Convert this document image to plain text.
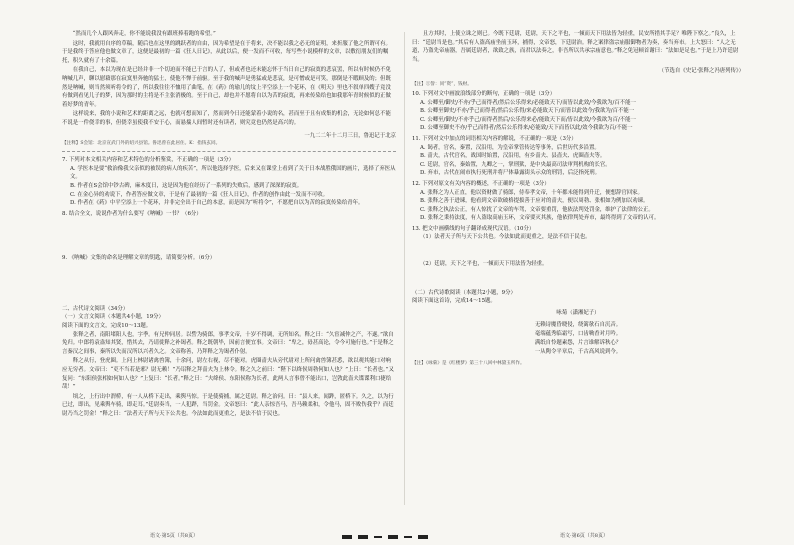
“然而几个人跟风奔走，你不能说我没有跟班捧着跑的希望。”

这时，我就用自序的草稿，随后也在这里的跳跃者的自由，因为希望是在于将来，决不能以我之必无的证明，来折服了他之所谓可有。于是我终于答应他也做文章了，这便是最初的一篇《狂人日记》，从此以后，便一发而不可收，每写些小说模样的文章，以敷衍朋友们的嘱托，积久就有了十余篇。

在我自己，本以为现在是已经并非一个切迫而不能已于言的人了，但或者也还未能忘怀于当日自己的寂寞的悲哀罢，所以有时候仍不免呐喊几声，聊以慰藉那在寂寞里奔驰的猛士，使他不惮于前驱。至于我的喊声是勇猛或是悲哀，是可憎或是可笑，那倒是不暇顾及的；但既然是呐喊，则当然须听将令的了，所以我往往不恤用了曲笔，在《药》的瑜儿的坟上平空添上一个花环，在《明天》里也不叙单四嫂子竟没有做到看见儿子的梦，因为那时的主将是不主张消极的。至于自己，却也并不愿将自以为苦的寂寞，再来传染给也如我那年青时候似的正做着好梦的青年。

这样说来，我的小说和艺术的距离之远，也就可想而知了，然而到今日还能蒙着小说的名，甚而至于且有成集的机会，无论如何总不能不说是一件侥幸的事，但侥幸虽使我不安于心，而悬揣人间暂时还有读者，则究竟也仍然是高兴的。

一九二二年十二月三日，鲁迅记于北京

【注释】S会馆：北京宣武门外的绍兴县馆。鲁迅曾在此居住。K：指钱玄同。

7. 下列对本文相关内容和艺术特色的分析鉴赏，不正确的一项是（3分）

A. 学医本是要“救治像我父亲似的被误的病人的疾苦”，所以他选择学医，后来又在课堂上看到了关于日本战胜俄国的画片，选择了弃医从文。

B. 作者在S会馆中钞古碑，麻木度日，这是因为他在经历了一系列的失败后，感到了深深的寂寞。

C. 在金心异的劝说下，作者答应做文章，于是有了最初的一篇《狂人日记》，作者的创作由此一发而不可收。

D. 作者在《药》中平空添上一个花环，并非完全出于自己的本意，而是因为“听将令”，不愿把自以为苦的寂寞传染给青年。

8. 结合全文，说说作者为什么要写《呐喊》一书？（6分）

9. 《呐喊》文集的命名是理解文章的钥匙，请简要分析。（6分）

二、古代诗文阅读（34分）

（一）文言文阅读（本题共4小题，19分）

阅读下面的文言文，完成10～13题。

张释之者，南阳堵阳人也，字季。有兄仲同居。以訾为骑郎，事孝文帝，十岁不得调，无所知名。释之曰：“久宦减仲之产，不遂。”欲自免归。中郎将袁盎知其贤，惜其去，乃请徙释之补谒者。释之既朝毕，因前言便宜事。文帝曰：“卑之，毋甚高论，令今可施行也。”于是释之言秦汉之间事，秦所以失而汉所以兴者久之。文帝称善，乃拜释之为谒者仆射。

释之从行，登虎圈。上问上林尉诸禽兽簿，十余问，尉左右视，尽不能对。虎圈啬夫从旁代尉对上所问禽兽簿甚悉，欲以观其能口对响应无穷者。文帝曰：“吏不当若是邪？尉无赖！”乃诏释之拜啬夫为上林令。释之久之前曰：“陛下以绛侯周勃何如人也？”上曰：“长者也。”又复问：“东阳侯张相如何如人也？”上复曰：“长者。”释之曰：“夫绛侯、东阳侯称为长者，此两人言事曾不能出口，岂敩此啬夫谍谍利口捷给哉！”

顷之，上行出中渭桥，有一人从桥下走出，乘舆马惊。于是使骑捕，属之廷尉。释之治问。曰：“县人来，闻跸，匿桥下。久之，以为行已过，即出，见乘舆车骑，即走耳。”廷尉奏当，一人犯跸，当罚金。文帝怒曰：“此人亲惊吾马，吾马赖柔和，令他马，固不败伤我乎？而廷尉乃当之罚金！”释之曰：“法者天子所与天下公共也。今法如此而更重之，是法不信于民也。

且方其时，上使立诛之则已。今既下廷尉，廷尉，天下之平也，一倾而天下用法皆为轻重，民安所措其手足？唯陛下察之。”良久，上曰：“廷尉当是也。”其后有人盗高庙坐前玉环，捕得，文帝怒，下廷尉治。释之案律盗宗庙服御物者为奏，奏当弃市。上大怒曰：“人之无道，乃盗先帝庙器，吾属廷尉者，欲致之族，而君以法奏之，非吾所以共承宗庙意也。”释之免冠顿首谢曰：“法如是足也。”于是上乃许廷尉当。

（节选自《史记·张释之冯唐列传》）

【注】①訾：同“资”，钱财。

10. 下列对文中画波浪线部分的断句，正确的一项是（3分）

A. 公卿至/御史/不亦/乎己而得者/然后公乐得来/必能致天下/而皆以此效/今我欲为/百不能一

B. 公卿至御史/不亦/乎己而得者/然后公乐得/来必能致天下/而皆以此效今/我欲为/百不能一

C. 公卿至/御史/不亦乎己/而得者然后/公乐得来必/能致天下而/皆以此效/今我欲为百/不能一

D. 公卿至御史不亦/乎己而得者/然后公乐得来/必能致/天下而皆以此/效今我欲为百/不能一

11. 下列对文中加点的词语相关内容的解说，不正确的一项是（3分）

A. 谒者，官名，秦置，汉沿用，为皇帝掌管传达等事务，后世历代多沿置。

B. 啬夫，古代官名，战国时始置，汉沿用，有乡啬夫、县啬夫、虎圈啬夫等。

C. 廷尉，官名，秦始置，九卿之一，掌刑狱，是中央最高司法审判机构的长官。

D. 弃市，古代在闹市执行死刑并将尸体暴露街头示众的刑罚，后泛指死刑。

12. 下列对原文有关内容的概述，不正确的一项是（3分）

A. 张释之为人正直，他以资财做了骑郎，侍奉孝文帝，十年都未能得到升迁，便想辞官回家。

B. 张释之善于进谏，他看到文帝欲破格提拔善于应对的啬夫，便以周勃、张相如为例加以劝谏。

C. 张释之执法公正，有人惊扰了文帝的车驾，文帝要重罚，他依法判处罚金，维护了法律的公正。

D. 张释之秉持法度，有人盗取高庙玉环，文帝要灭其族，他依律判处弃市，最终得到了文帝的认可。

13. 把文中画横线的句子翻译成现代汉语。（10分）

（1）法者天子所与天下公共也。今法如此而更重之，是法不信于民也。

（2）廷尉，天下之平也，一倾而天下用法皆为轻重。

（二）古代诗歌阅读（本题共2小题，9分）

阅读下面这首诗，完成14～15题。

咏菊（潇湘妃子）

无赖诗魔昏晓侵，绕篱欹石自沉音。

毫端蕴秀临霜写，口齿噙香对月吟。

满纸自怜题素怨，片言谁解诉秋心？

一从陶令平章后，千古高风说到今。

【注】《咏菊》是《红楼梦》第三十八回中林黛玉所作。

语文·第5页（共8页）	语文·第6页（共8页）
